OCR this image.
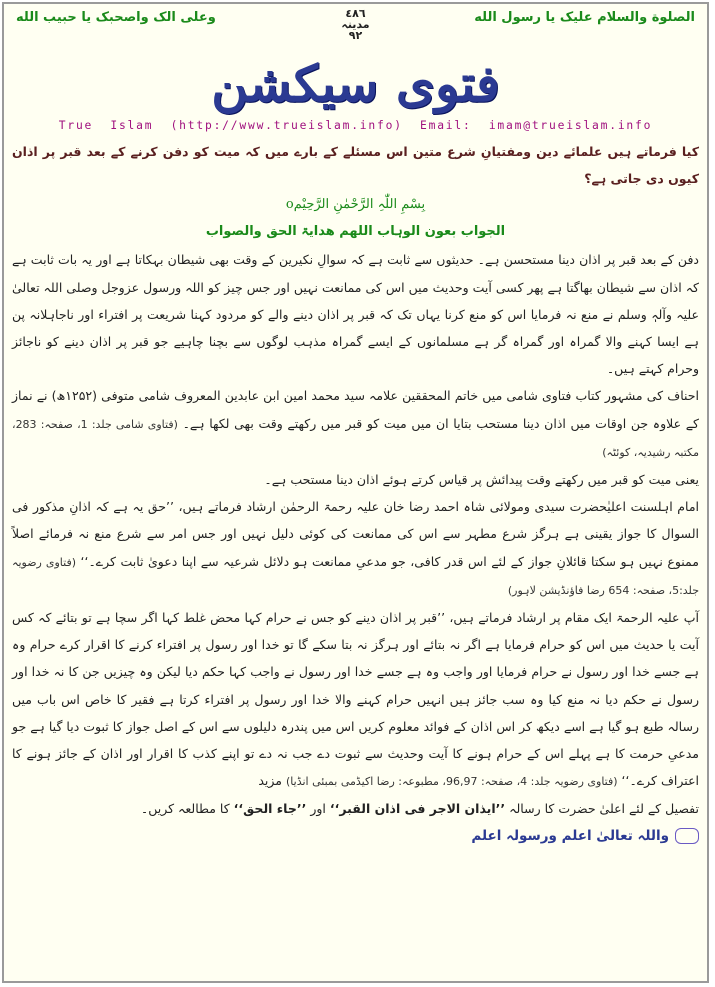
الصلوة والسلام علیک یا رسول الله
٤٨٦
مدینہ
٩٢
وعلی الک واصحبک یا حبیب الله
فتوی سیکشن
True  Islam  (http://www.trueislam.info)  Email:  imam@trueislam.info

کیا فرماتے ہیں علمائے دین ومفتیانِ شرع متین اس مسئلے کے بارے میں کہ میت کو دفن کرنے کے بعد قبر پر اذان کیوں دی جاتی ہے؟

بِسْمِ اللّٰہِ الرَّحْمٰنِ الرَّحِیْمo

الجواب بعون الوہاب اللھم ھدایۃ الحق والصواب

دفن کے بعد قبر پر اذان دینا مستحسن ہے۔ حدیثوں سے ثابت ہے کہ سوالِ نکیرین کے وقت بھی شیطان بہکاتا ہے اور یہ بات ثابت ہے کہ اذان سے شیطان بھاگتا ہے پھر کسی آیت وحدیث میں اس کی ممانعت نہیں اور جس چیز کو اللہ ورسول عزوجل وصلی اللہ تعالیٰ علیہ وآلہٖ وسلم نے منع نہ فرمایا اس کو منع کرنا یہاں تک کہ قبر پر اذان دینے والے کو مردود کہنا شریعت پر افتراء اور ناجاہلانہ پن ہے ایسا کہنے والا گمراہ اور گمراہ گر ہے مسلمانوں کے ایسے گمراہ مذہب لوگوں سے بچنا چاہیے جو قبر پر اذان دینے کو ناجائز وحرام کہتے ہیں۔

احناف کی مشہور کتاب فتاوی شامی میں خاتم المحققین علامہ سید محمد امین ابن عابدین المعروف شامی متوفی (۱۲۵۲ھ) نے نماز کے علاوہ جن اوقات میں اذان دینا مستحب بتایا ان میں میت کو قبر میں رکھتے وقت بھی لکھا ہے۔ (فتاوی شامی جلد: 1، صفحہ: 283، مکتبہ رشیدیہ، کوئٹہ)

یعنی میت کو قبر میں رکھتے وقت پیدائش پر قیاس کرتے ہوئے اذان دینا مستحب ہے۔

امام اہلسنت اعلیٰحضرت سیدی ومولائی شاہ احمد رضا خان علیہ رحمۃ الرحمٰن ارشاد فرماتے ہیں، ’’حق یہ ہے کہ اذانِ مذکور فی السوال کا جواز یقینی ہے ہرگز شرع مطہر سے اس کی ممانعت کی کوئی دلیل نہیں اور جس امر سے شرع منع نہ فرمائے اصلاً ممنوع نہیں ہو سکتا قائلانِ جواز کے لئے اس قدر کافی، جو مدعیِ ممانعت ہو دلائل شرعیہ سے اپنا دعویٰ ثابت کرے۔‘‘ (فتاوی رضویہ جلد:5، صفحہ: 654 رضا فاؤنڈیشن لاہور)

آپ علیہ الرحمۃ ایک مقام پر ارشاد فرماتے ہیں، ’’قبر پر اذان دینے کو جس نے حرام کہا محض غلط کہا اگر سچا ہے تو بتائے کہ کس آیت یا حدیث میں اس کو حرام فرمایا ہے اگر نہ بتائے اور ہرگز نہ بتا سکے گا تو خدا اور رسول پر افتراء کرنے کا اقرار کرے حرام وہ ہے جسے خدا اور رسول نے حرام فرمایا اور واجب وہ ہے جسے خدا اور رسول نے واجب کہا حکم دیا لیکن وہ چیزیں جن کا نہ خدا اور رسول نے حکم دیا نہ منع کیا وہ سب جائز ہیں انہیں حرام کہنے والا خدا اور رسول پر افتراء کرتا ہے فقیر کا خاص اس باب میں رسالہ طبع ہو گیا ہے اسے دیکھ کر اس اذان کے فوائد معلوم کریں اس میں پندرہ دلیلوں سے اس کے اصل جواز کا ثبوت دیا گیا ہے جو مدعیِ حرمت کا ہے پہلے اس کے حرام ہونے کا آیت وحدیث سے ثبوت دے جب نہ دے تو اپنے کذب کا اقرار اور اذان کے جائز ہونے کا اعتراف کرے۔‘‘ (فتاوی رضویہ جلد: 4، صفحہ: 96,97، مطبوعہ: رضا اکیڈمی بمبئی انڈیا) مزید

تفصیل کے لئے اعلیٰ حضرت کا رسالہ ’’ایذان الاجر فی اذان القبر‘‘ اور ’’جاء الحق‘‘ کا مطالعہ کریں۔

واللہ تعالیٰ اعلم ورسولہ اعلم
